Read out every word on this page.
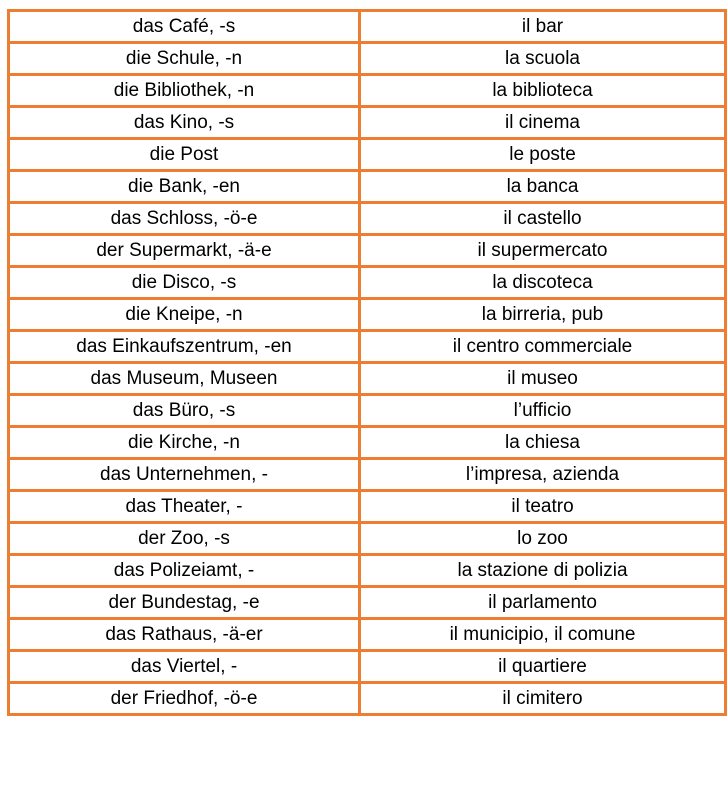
das Café, -s	il bar
die Schule, -n	la scuola
die Bibliothek, -n	la biblioteca
das Kino, -s	il cinema
die Post	le poste
die Bank, -en	la banca
das Schloss, -ö-e	il castello
der Supermarkt, -ä-e	il supermercato
die Disco, -s	la discoteca
die Kneipe, -n	la birreria, pub
das Einkaufszentrum, -en	il centro commerciale
das Museum, Museen	il museo
das Büro, -s	l’ufficio
die Kirche, -n	la chiesa
das Unternehmen, -	l’impresa, azienda
das Theater, -	il teatro
der Zoo, -s	lo zoo
das Polizeiamt, -	la stazione di polizia
der Bundestag, -e	il parlamento
das Rathaus, -ä-er	il municipio, il comune
das Viertel, -	il quartiere
der Friedhof, -ö-e	il cimitero
